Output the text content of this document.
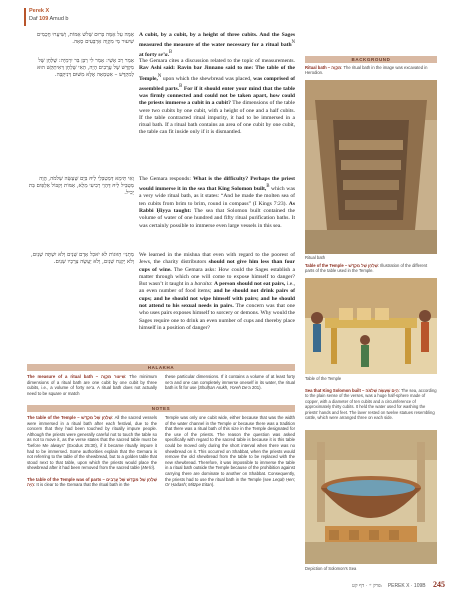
Perek X
Daf 109 Amud b
אַמָּה עַל אַמָּה בְּרוּם שָׁלֹשׁ אַמּוֹת, וְשִׁיעֲרוּ חֲכָמִים שִׁיעוּר מֵי מִקְוֶה אַרְבָּעִים סְאָה.
A cubit, by a cubit, by a height of three cubits. And the Sages measured the measure of the water necessary for a ritual bath$^N$ at forty se’a.$^B$
אָמַר רַב אָשֵׁי: אָמַר לִי רַבָּן בַּר יִרְמְיָה: שֻׁלְחָן שֶׁל מִקְדָּשׁ שֶׁל עֲרָבִים הָיָה, הֵאִי שֻׁלְחָן דְּאִיתְּקַשׁ הוּא לְמִקְדָּשׁ – אִטַּמְאָה אֶלָּא מִשּׁוּם דְּנִיקְּבָּה.
The Gemara cites a discussion related to the topic of measurements. Rav Ashi said: Ravin bar Jinnano said to me: The table of the Temple,$^N$ upon which the shewbread was placed, was comprised of assembled parts.$^B$ For if it should enter your mind that the table was firmly connected and could not be taken apart, how could the priests immerse a cubit in a cubit? The dimensions of the table were two cubits by one cubit, with a height of one and a half cubits. If the table contracted ritual impurity, it had to be immersed in a ritual bath. If a ritual bath contains an area of one cubit by one cubit, the table can fit inside only if it is dismantled.
וְאִי תֵּימָא דְּמַטְבְּלֵי לֵיהּ בַּיָּם שֶׁעָשָׂה שְׁלֹמֹה, הֲוָה מַטְבֵּיל לֵיהּ דְּהָוֵי רְבִיעִי מְלֵא, אַמּוֹת וְקִבּוֹל אַלְפַּיִם בַּת יָכִיל.
The Gemara responds: What is the difficulty? Perhaps the priest would immerse it in the sea that King Solomon built,$^B$ which was a very wide ritual bath, as it states: “And he made the molten sea of ten cubits from brim to brim, round in compass” (I Kings 7:23). As Rabbi Ḥiyya taught: The sea that Solomon built contained the volume of water of one hundred and fifty ritual purification baths. It was certainly possible to immerse even large vessels in this sea.
מַתְנִי׳ הַזּוּגוֹת לֹא יֹאכַל אָדָם שְׁנֵים וְלֹא יִשְׁתֶּה שְׁנַיִם, וְלֹא יְקַנֵּח שְׁנַיִם, וְלֹא יַעֲשֶׂה צְרָכָיו שְׁנַיִם.
We learned in the mishna that even with regard to the poorest of Jews, the charity distributors should not give him less than four cups of wine. The Gemara asks: How could the Sages establish a matter through which one will come to expose himself to danger? But wasn’t it taught in a baraita: A person should not eat pairs, i.e., an even number of food items; and he should not drink pairs of cups; and he should not wipe himself with pairs; and he should not attend to his sexual needs in pairs. The concern was that one who uses pairs exposes himself to sorcery or demons. Why would the Sages require one to drink an even number of cups and thereby place himself in a position of danger?
HALAKHA
The measure of a ritual bath – שִׁיעוּר מִקְוֶה: The minimum dimensions of a ritual bath are one cubit by one cubit by three cubits, i.e., a volume of forty se’a. A ritual bath does not actually need to be square or match
these particular dimensions. If it contains a volume of at least forty se’a and one can completely immerse oneself in its water, the ritual bath is fit for use (Shulḥan Arukh, Yoreh De’a 201).
NOTES
The table of the Temple – שֻׁלְחָן שֶׁל מִקְדָּשׁ: All the sacred vessels were immersed in a ritual bath after each festival, due to the concern that they had been touched by ritually impure people. Although the priests were generally careful not to touch the table so as not to move it, as the verse states that the sacred table must be “before Me always” (Exodus 25:30), if it became ritually impure it had to be immersed. Some authorities explain that the Gemara is not referring to the table of the shewbread, but to a golden table that stood next to that table, upon which the priests would place the shewbread after it had been removed from the sacred table (Me’iri).

The table of the Temple was of parts – שֻׁלְחָן שֶׁל מִקְדָּשׁ שֶׁל עֲרָבִים הָיָה: It is clear to the Gemara that the ritual bath in the
Temple was only one cubit wide, either because that was the width of the water channel in the Temple or because there was a tradition that there was a ritual bath of this size in the Temple designated for the use of the priests. The reason the question was asked specifically with regard to the sacred table is because it is this table could be moved only during the short interval when there was no shewbread on it. This occurred on Shabbat, when the priests would remove the old shewbread from the table to be replaced with the new shewbread. Therefore, it was impossible to immerse the table in a ritual bath outside the Temple because of the prohibition against carrying there are dominate to another on Shabbat. Consequently, the priests had to use the ritual bath in the Temple (see Leqaḥ Ḥen; Or Ḥadash; Mitzpe Eitan).
BACKGROUND
Ritual bath – מִקְוֶה: The ritual bath in the image was excavated in Herodion.
Ritual bath
Table of the Temple – שֻׁלְחָן שֶׁל מִקְדָּשׁ: Illustration of the different parts of the table used in the Temple.
Table of the Temple
Sea that King Solomon built – הַיָּם שֶׁעָשָׂה שְׁלֹמֹה: The sea, according to the plain sense of the verses, was a huge half-sphere made of copper, with a diameter of ten cubits and a circumference of approximately thirty cubits. It held the water used for washing the priests’ hands and feet. The laver rested on twelve statues resembling cattle, which were arranged three on each side.
Depiction of Solomon’s Sea
פרק י׳ · דף קט: PEREK X · 109B 245
